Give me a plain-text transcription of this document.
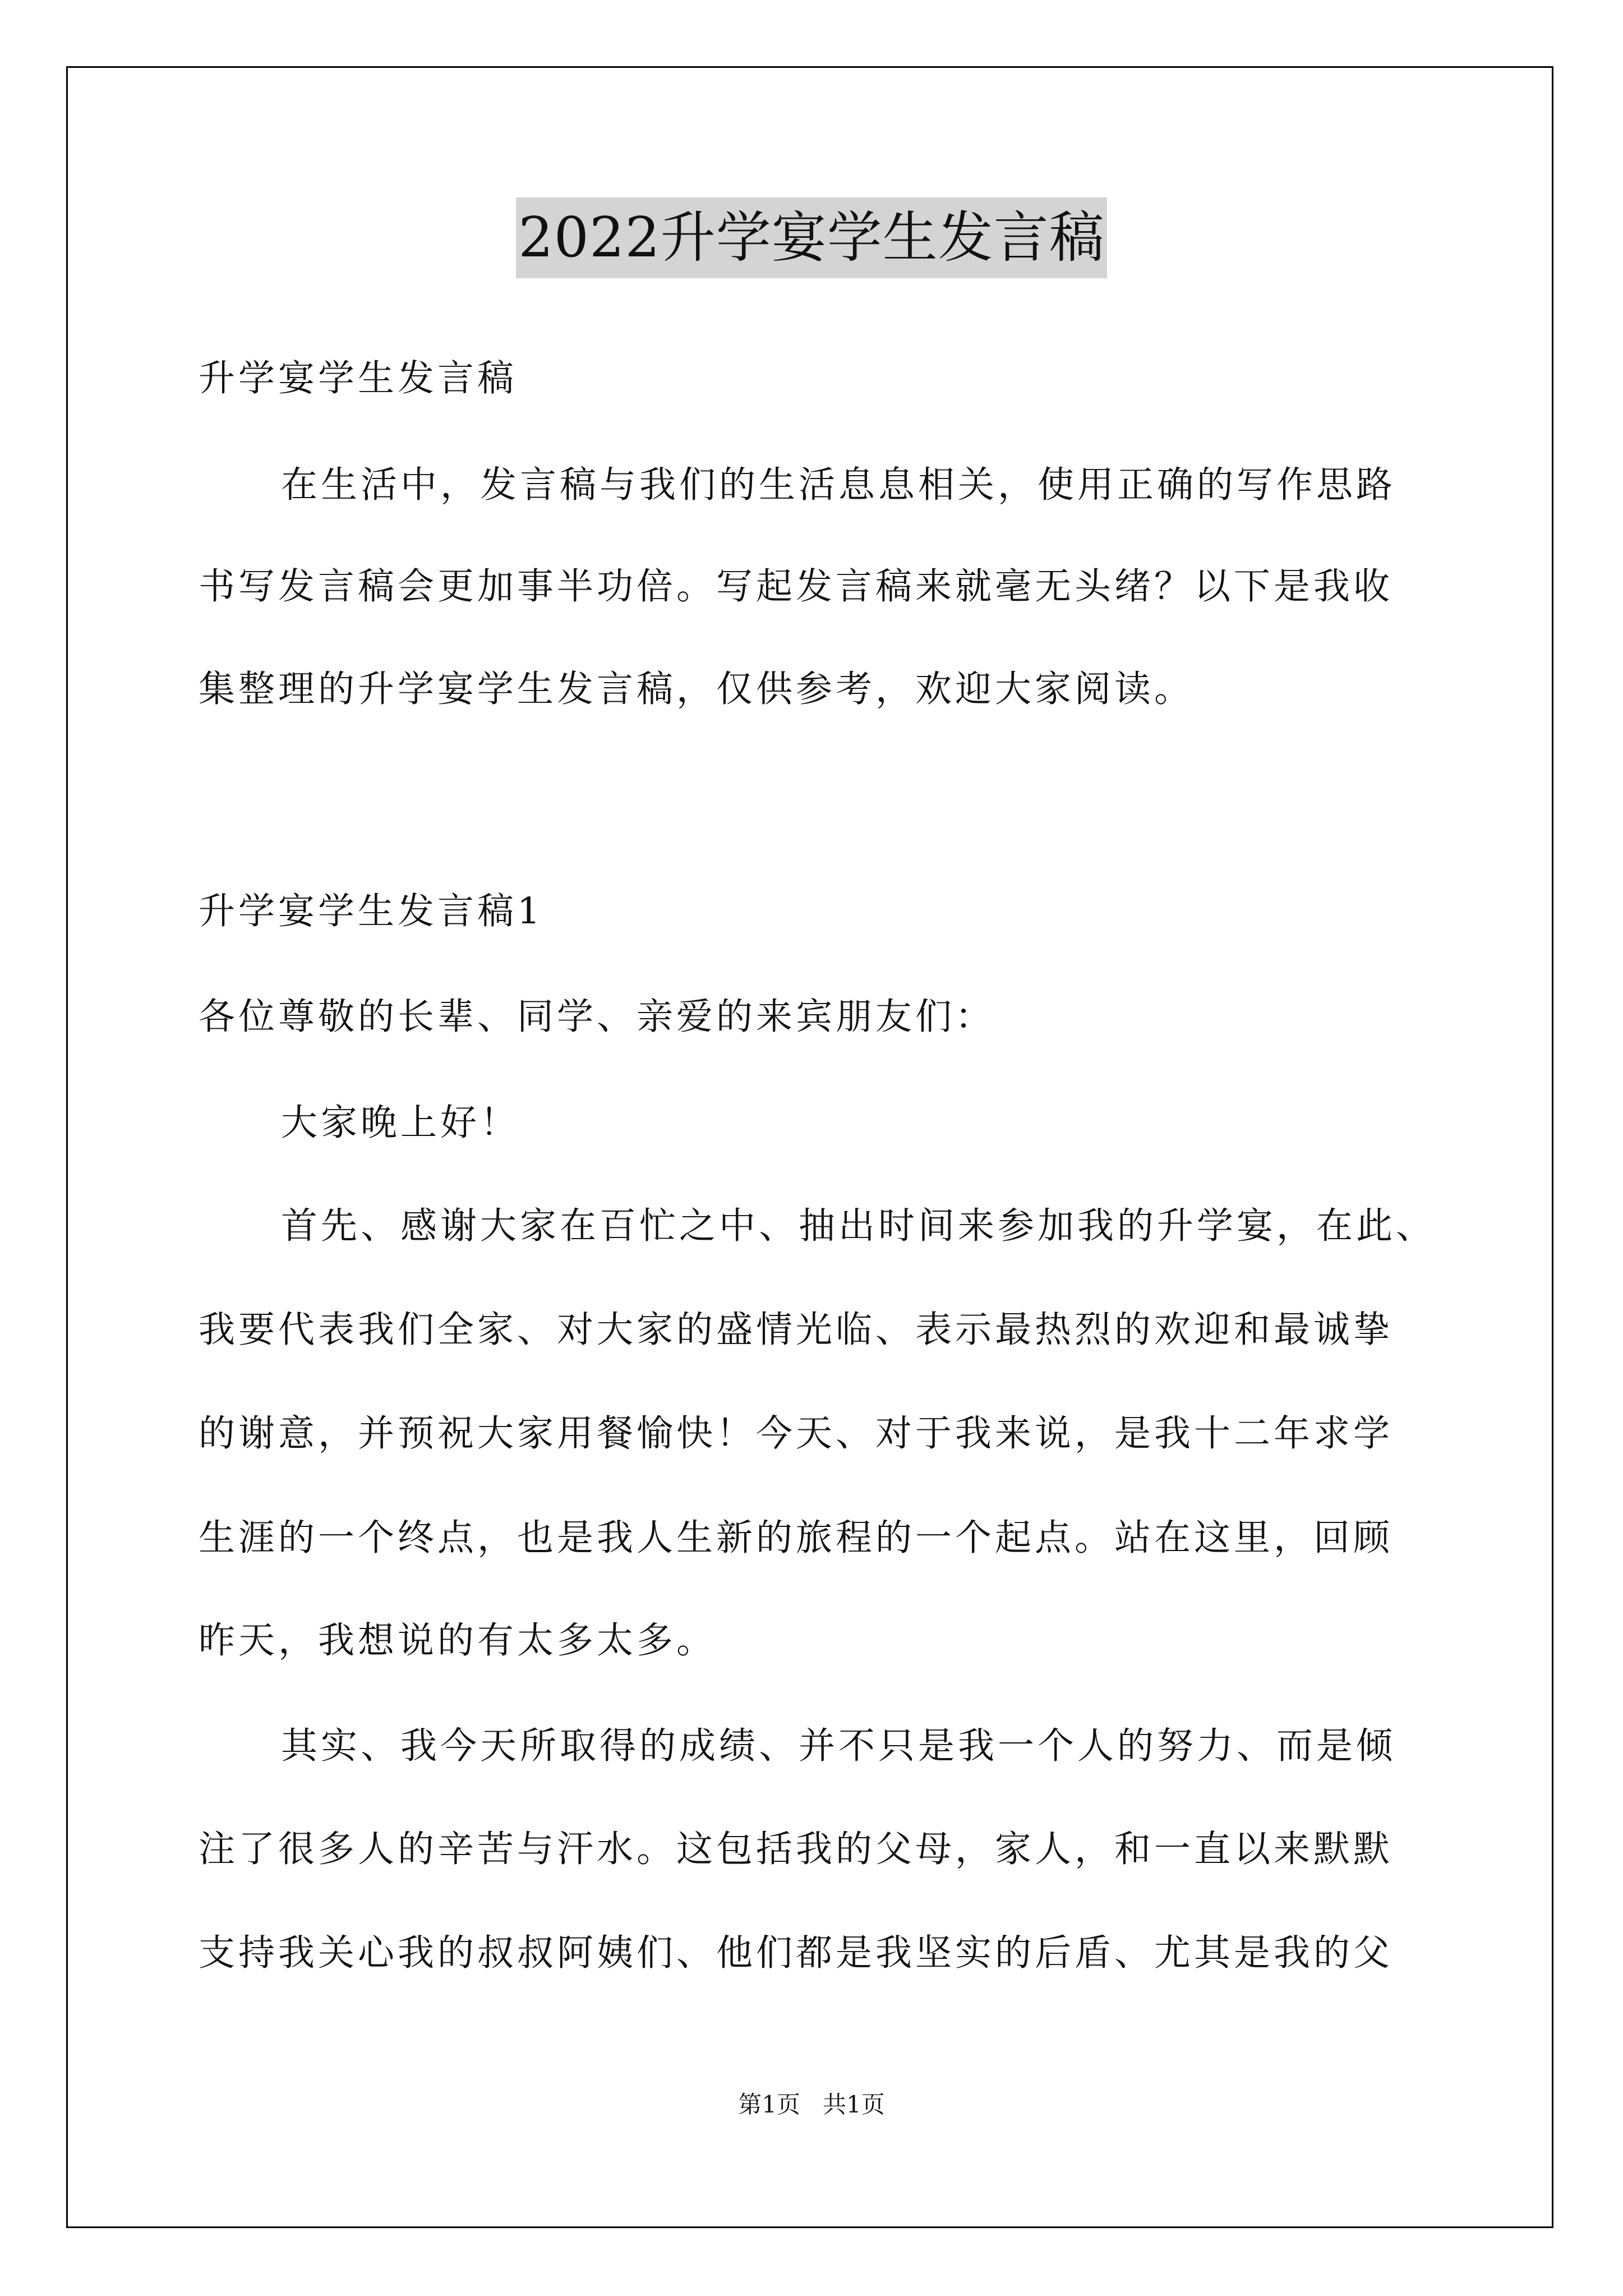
2022升学宴学生发言稿
升学宴学生发言稿
在生活中，发言稿与我们的生活息息相关，使用正确的写作思路
书写发言稿会更加事半功倍。写起发言稿来就毫无头绪？以下是我收
集整理的升学宴学生发言稿，仅供参考，欢迎大家阅读。
升学宴学生发言稿1
各位尊敬的长辈、同学、亲爱的来宾朋友们：
大家晚上好！
首先、感谢大家在百忙之中、抽出时间来参加我的升学宴，在此、
我要代表我们全家、对大家的盛情光临、表示最热烈的欢迎和最诚挚
的谢意，并预祝大家用餐愉快！今天、对于我来说，是我十二年求学
生涯的一个终点，也是我人生新的旅程的一个起点。站在这里，回顾
昨天，我想说的有太多太多。
其实、我今天所取得的成绩、并不只是我一个人的努力、而是倾
注了很多人的辛苦与汗水。这包括我的父母，家人，和一直以来默默
支持我关心我的叔叔阿姨们、他们都是我坚实的后盾、尤其是我的父
第1页   共1页
